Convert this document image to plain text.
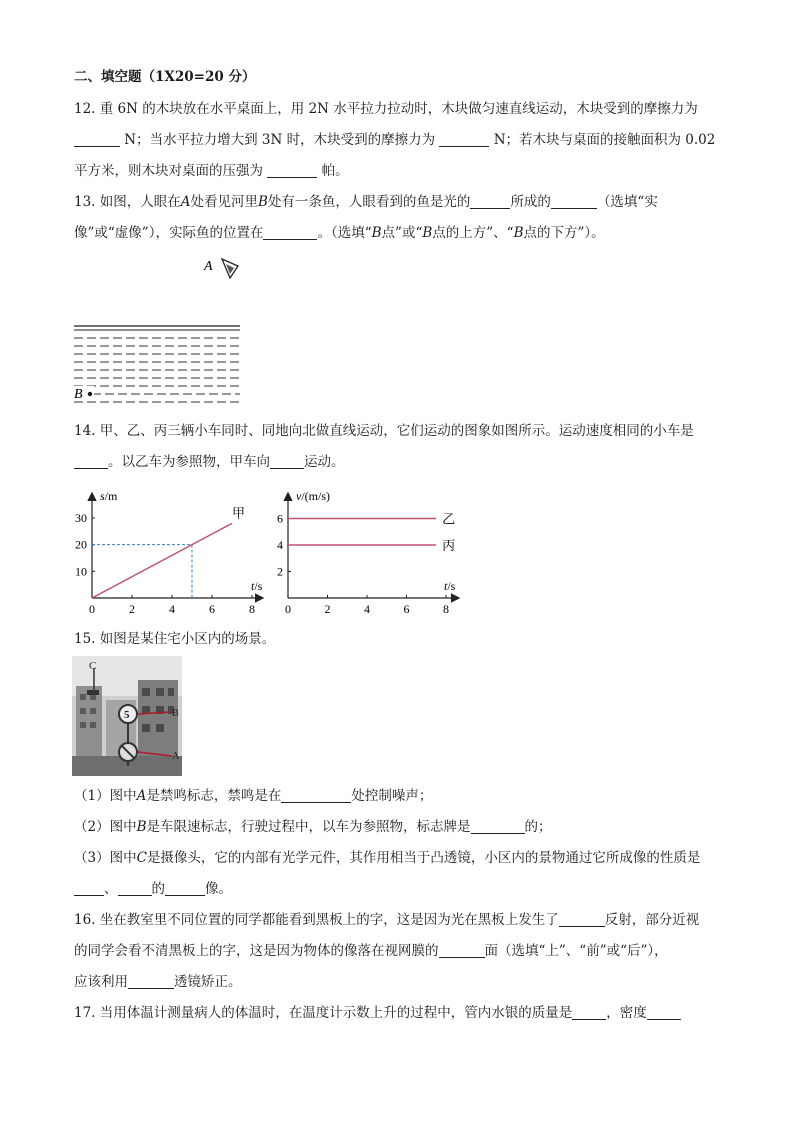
二、填空题（1X20=20 分）
12. 重 6N 的木块放在水平桌面上，用 2N 水平拉力拉动时，木块做匀速直线运动，木块受到的摩擦力为
N；当水平拉力增大到 3N 时，木块受到的摩擦力为	N；若木块与桌面的接触面积为 0.02
平方米，则木块对桌面的压强为	帕。
13. 如图，人眼在A处看见河里B处有一条鱼，人眼看到的鱼是光的	所成的	（选填“实
像”或“虚像”），实际鱼的位置在	。（选填“B点”或“B点的上方”、“B点的下方”）。
A
B
14. 甲、乙、丙三辆小车同时、同地向北做直线运动，它们运动的图象如图所示。运动速度相同的小车是
。以乙车为参照物，甲车向	运动。
s/m
t/s
10
20
30
0	2	4	6	8
甲
v/(m/s)
t/s
2
4
6
0	2	4	6	8
乙
丙
15. 如图是某住宅小区内的场景。
C
5	B
A
（1）图中A是禁鸣标志，禁鸣是在	处控制噪声；
（2）图中B是车限速标志，行驶过程中，以车为参照物，标志牌是	的；
（3）图中C是摄像头，它的内部有光学元件，其作用相当于凸透镜，小区内的景物通过它所成像的性质是
、	的	像。
16. 坐在教室里不同位置的同学都能看到黑板上的字，这是因为光在黑板上发生了	反射，部分近视
的同学会看不清黑板上的字，这是因为物体的像落在视网膜的	面（选填“上”、“前”或“后”），
应该利用	透镜矫正。
17. 当用体温计测量病人的体温时，在温度计示数上升的过程中，管内水银的质量是	，密度
